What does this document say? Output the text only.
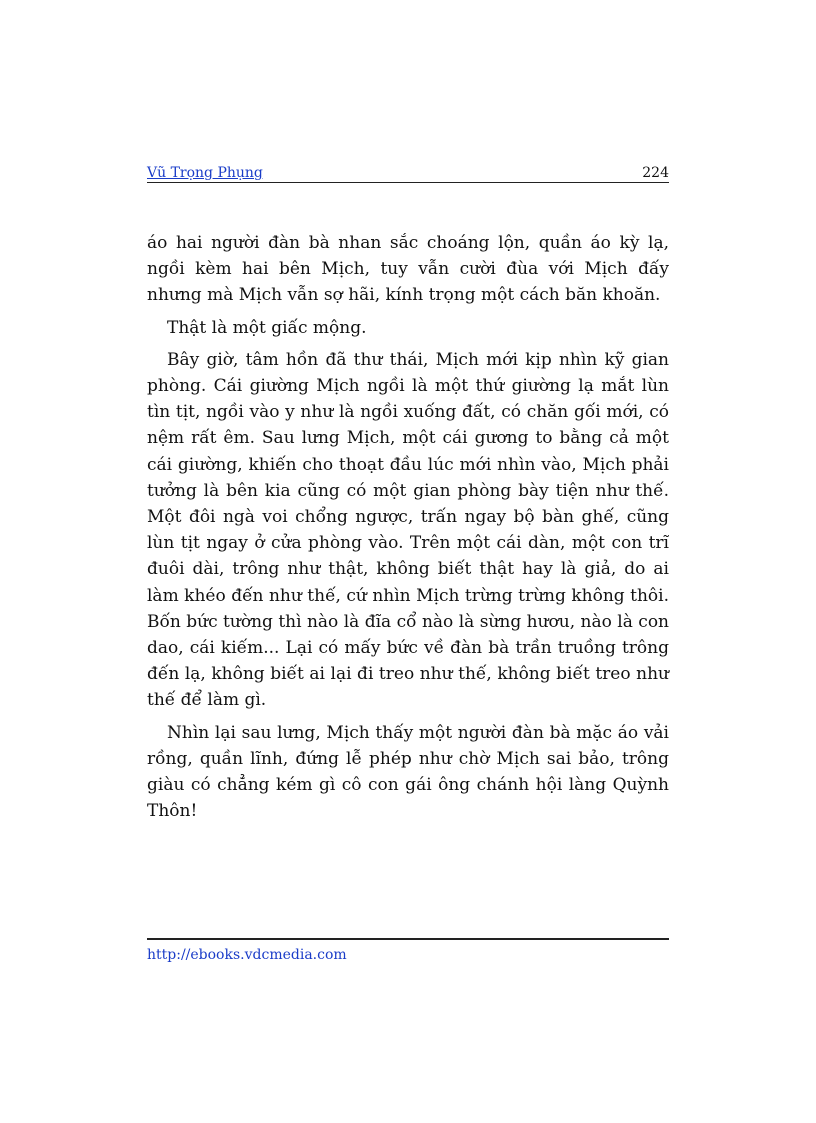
Vũ Trọng Phụng	224

áo hai người đàn bà nhan sắc choáng lộn, quần áo kỳ lạ, ngồi kèm hai bên Mịch, tuy vẫn cười đùa với Mịch đấy nhưng mà Mịch vẫn sợ hãi, kính trọng một cách băn khoăn.

Thật là một giấc mộng.

Bây giờ, tâm hồn đã thư thái, Mịch mới kịp nhìn kỹ gian phòng. Cái giường Mịch ngồi là một thứ giường lạ mắt lùn tìn tịt, ngồi vào y như là ngồi xuống đất, có chăn gối mới, có nệm rất êm. Sau lưng Mịch, một cái gương to bằng cả một cái giường, khiến cho thoạt đầu lúc mới nhìn vào, Mịch phải tưởng là bên kia cũng có một gian phòng bày tiện như thế. Một đôi ngà voi chổng ngược, trấn ngay bộ bàn ghế, cũng lùn tịt ngay ở cửa phòng vào. Trên một cái dàn, một con trĩ đuôi dài, trông như thật, không biết thật hay là giả, do ai làm khéo đến như thế, cứ nhìn Mịch trừng trừng không thôi. Bốn bức tường thì nào là đĩa cổ nào là sừng hươu, nào là con dao, cái kiếm... Lại có mấy bức về đàn bà trần truồng trông đến lạ, không biết ai lại đi treo như thế, không biết treo như thế để làm gì.

Nhìn lại sau lưng, Mịch thấy một người đàn bà mặc áo vải rồng, quần lĩnh, đứng lễ phép như chờ Mịch sai bảo, trông giàu có chẳng kém gì cô con gái ông chánh hội làng Quỳnh Thôn!

http://ebooks.vdcmedia.com
